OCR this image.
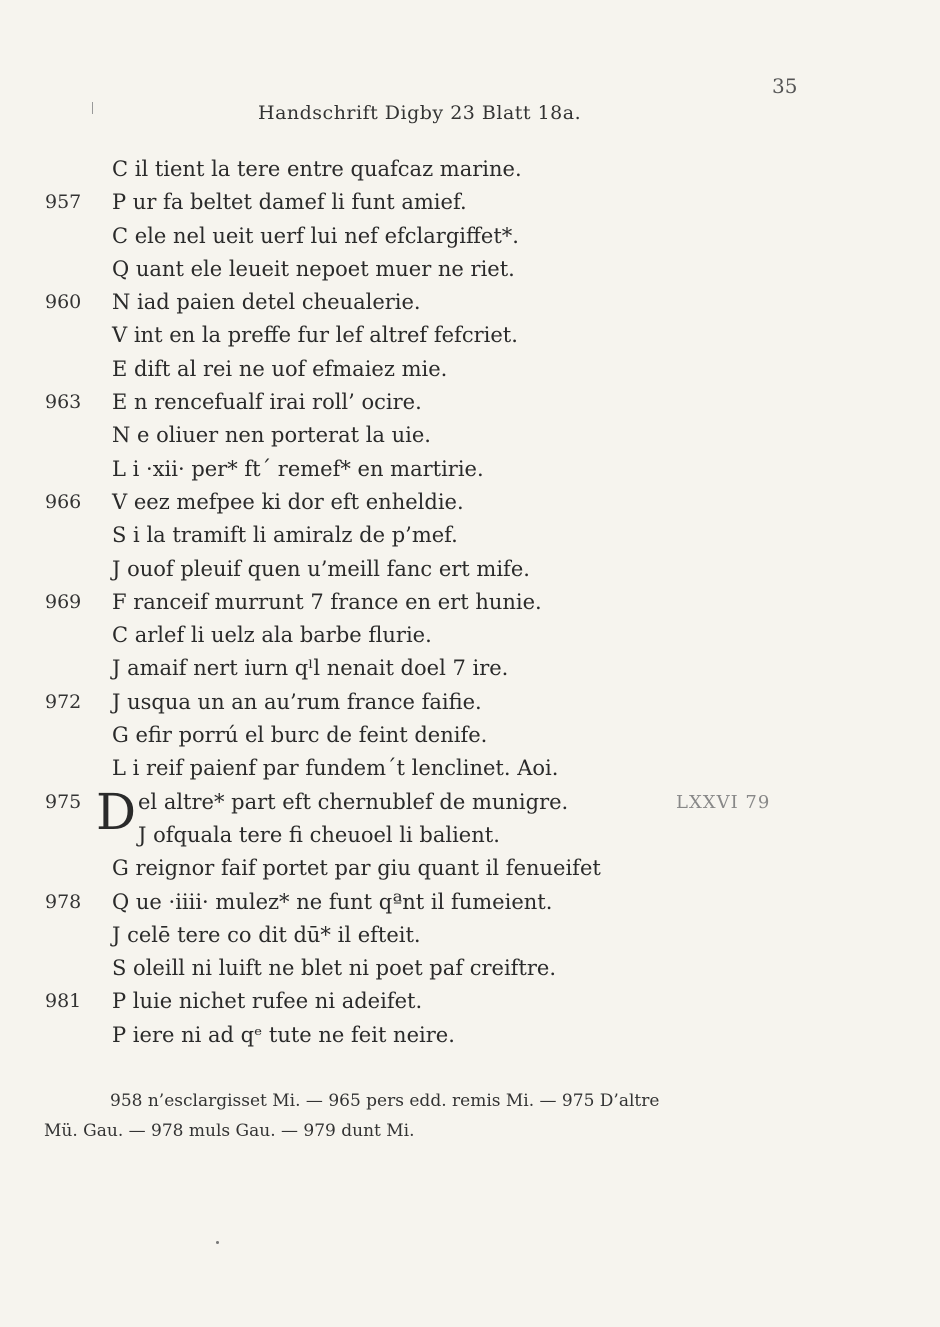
35
Handschrift Digby 23 Blatt 18a.
C il tient la tere entre quafcaz marine.
957 P ur fa beltet damef li funt amief.
C ele nel ueit uerf lui nef efclargiffet*.
Q uant ele leueit nepoet muer ne riet.
960 N iad paien detel cheualerie.
V int en la preffe fur lef altref fefcriet.
E dift al rei ne uof efmaiez mie.
963 E n rencefualf irai roll’ ocire.
N e oliuer nen porterat la uie.
L i ·xii· per* ft´ remef* en martirie.
966 V eez mefpee ki dor eft enheldie.
S i la tramift li amiralz de p’mef.
J ouof pleuif quen u’meill fanc ert mife.
969 F ranceif murrunt 7 france en ert hunie.
C arlef li uelz ala barbe flurie.
J amaif nert iurn qˡl nenait doel 7 ire.
972 J usqua un an au’rum france faifie.
G efir porrú el burc de feint denife.
L i reif paienf par fundem´t lenclinet. Aoi.
975 D el altre* part eft chernublef de munigre.	LXXVI 79
J ofquala tere fi cheuoel li balient.
G reignor faif portet par giu quant il fenueifet
978 Q ue ·iiii· mulez* ne funt qªnt il fumeient.
J celē tere co dit dū* il efteit.
S oleill ni luift ne blet ni poet paf creiftre.
981 P luie nichet rufee ni adeifet.
P iere ni ad qᵉ tute ne feit neire.
958 n’esclargisset Mi. — 965 pers edd. remis Mi. — 975 D’altre
Mü. Gau. — 978 muls Gau. — 979 dunt Mi.
